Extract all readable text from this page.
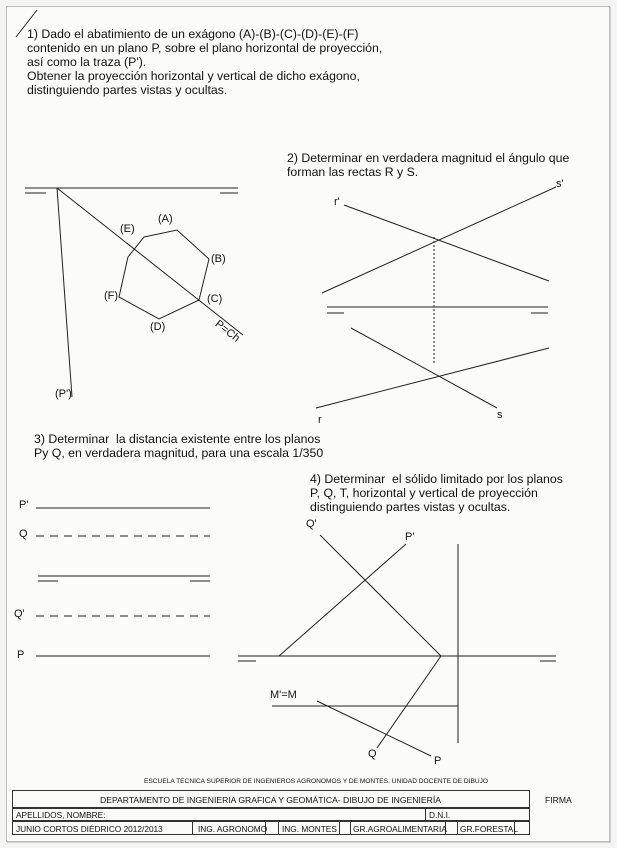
1) Dado el abatimiento de un exágono (A)-(B)-(C)-(D)-(E)-(F)
contenido en un plano P, sobre el plano horizontal de proyección,
así como la traza (P').
Obtener la proyección horizontal y vertical de dicho exágono,
distinguiendo partes vistas y ocultas.
2) Determinar en verdadera magnitud el ángulo que
forman las rectas R y S.
3) Determinar  la distancia existente entre los planos
Py Q, en verdadera magnitud, para una escala 1/350
4) Determinar  el sólido limitado por los planos
P, Q, T, horizontal y vertical de proyección
distinguiendo partes vistas y ocultas.
(A)
(E)
(B)
(F)	(C)
(D)	P=Ch
(P')
r'
s'
r	s
P'
Q
Q'
P
Q'
P'
M'=M
Q
P
ESCUELA TECNICA SUPERIOR DE INGENIEROS AGRONOMOS Y DE MONTES. UNIDAD DOCENTE DE DIBUJO
DEPARTAMENTO DE INGENIERIA GRAFICA Y GEOMÁTICA- DIBUJO DE INGENIERÍA
APELLIDOS, NOMBRE:	D.N.I.
JUNIO CORTOS DIÉDRICO 2012/2013	ING. AGRONOMO ING. MONTES GR.AGROALIMENTARIA GR.FORESTAL
FIRMA
